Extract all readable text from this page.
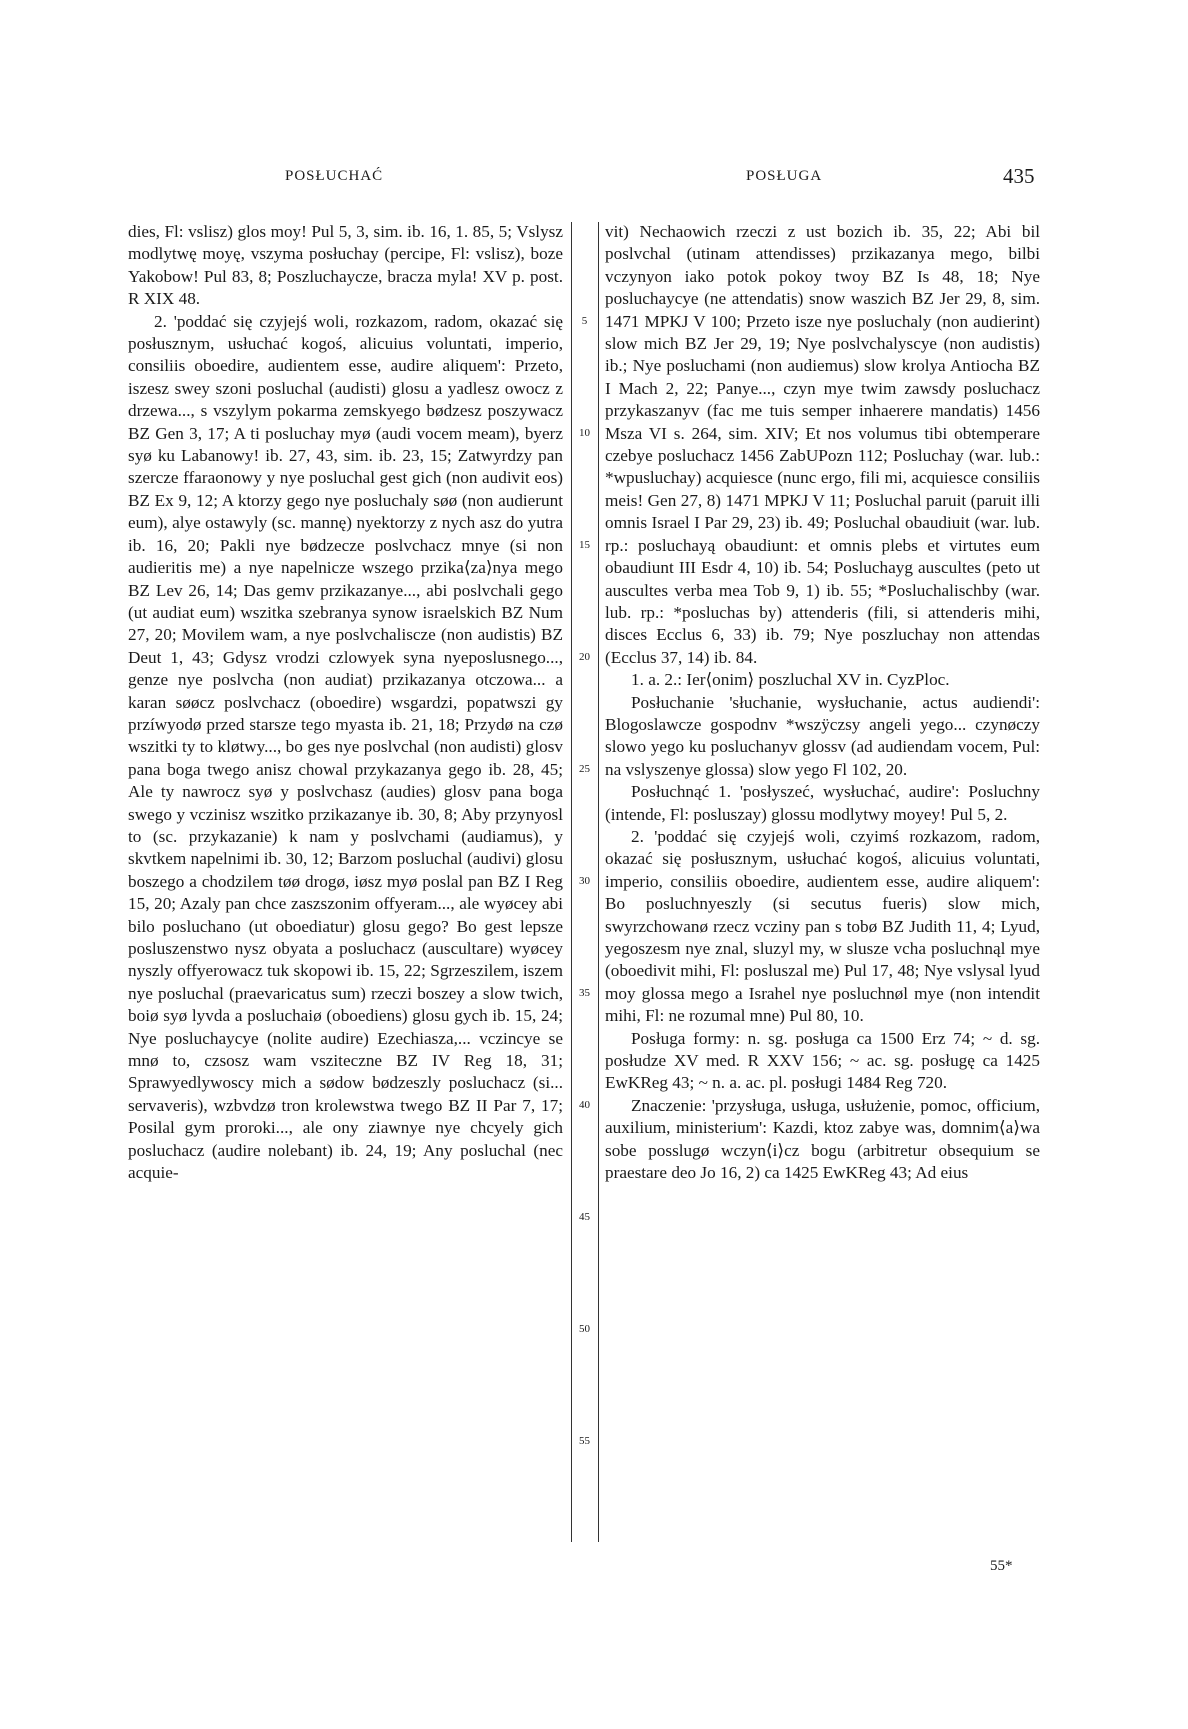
POSŁUCHAĆ	POSŁUGA	435

dies, Fl: vslisz) glos moy! Pul 5, 3, sim. ib. 16, 1. 85, 5; Vslysz modlytwę moyę, vszyma posłuchay (percipe, Fl: vslisz), boze Yakobow! Pul 83, 8; Poszluchaycze, bracza myla! XV p. post. R XIX 48.

2. 'poddać się czyjejś woli, rozkazom, radom, okazać się posłusznym, usłuchać kogoś, alicuius voluntati, imperio, consiliis oboedire, audientem esse, audire aliquem': Przeto, iszesz swey szoni posluchal (audisti) glosu a yadlesz owocz z drzewa..., s vszylym pokarma zemskyego bødzesz poszywacz BZ Gen 3, 17; A ti posluchay myø (audi vocem meam), byerz syø ku Labanowy! ib. 27, 43, sim. ib. 23, 15; Zatwyrdzy pan szercze ffaraonowy y nye posluchal gest gich (non audivit eos) BZ Ex 9, 12; A ktorzy gego nye posluchaly søø (non audierunt eum), alye ostawyly (sc. mannę) nyektorzy z nych asz do yutra ib. 16, 20; Pakli nye bødzecze poslvchacz mnye (si non audieritis me) a nye napelnicze wszego przika⟨za⟩nya mego BZ Lev 26, 14; Das gemv przikazanye..., abi poslvchali gego (ut audiat eum) wszitka szebranya synow israelskich BZ Num 27, 20; Movilem wam, a nye poslvchaliscze (non audistis) BZ Deut 1, 43; Gdysz vrodzi czlowyek syna nyeposlusnego..., genze nye poslvcha (non audiat) przikazanya otczowa... a karan søøcz poslvchacz (oboedire) wsgardzi, popatwszi gy przíwyodø przed starsze tego myasta ib. 21, 18; Przydø na czø wszitki ty to kløtwy..., bo ges nye poslvchal (non audisti) glosv pana boga twego anisz chowal przykazanya gego ib. 28, 45; Ale ty nawrocz syø y poslvchasz (audies) glosv pana boga swego y vczinisz wszitko przikazanye ib. 30, 8; Aby przynyosl to (sc. przykazanie) k nam y poslvchami (audiamus), y skvtkem napelnimi ib. 30, 12; Barzom posluchal (audivi) glosu boszego a chodzilem tøø drogø, iøsz myø poslal pan BZ I Reg 15, 20; Azaly pan chce zaszszonim offyeram..., ale wyøcey abi bilo posluchano (ut oboediatur) glosu gego? Bo gest lepsze posluszenstwo nysz obyata a posluchacz (auscultare) wyøcey nyszly offyerowacz tuk skopowi ib. 15, 22; Sgrzeszilem, iszem nye posluchal (praevaricatus sum) rzeczi boszey a slow twich, boiø syø lyvda a posluchaiø (oboediens) glosu gych ib. 15, 24; Nye posluchaycye (nolite audire) Ezechiasza,... vczincye se mnø to, czsosz wam vsziteczne BZ IV Reg 18, 31; Sprawyedlywoscy mich a sødow bødzeszly posluchacz (si... servaveris), wzbvdzø tron krolewstwa twego BZ II Par 7, 17; Posilal gym proroki..., ale ony ziawnye nye chcyely gich posluchacz (audire nolebant) ib. 24, 19; Any posluchal (nec acquie-

5
10
15
20
25
30
35
40
45
50
55

vit) Nechaowich rzeczi z ust bozich ib. 35, 22; Abi bil poslvchal (utinam attendisses) przikazanya mego, bilbi vczynyon iako potok pokoy twoy BZ Is 48, 18; Nye posluchaycye (ne attendatis) snow waszich BZ Jer 29, 8, sim. 1471 MPKJ V 100; Przeto isze nye posluchaly (non audierint) slow mich BZ Jer 29, 19; Nye poslvchalyscye (non audistis) ib.; Nye posluchami (non audiemus) slow krolya Antiocha BZ I Mach 2, 22; Panye..., czyn mye twim zawsdy posluchacz przykaszanyv (fac me tuis semper inhaerere mandatis) 1456 Msza VI s. 264, sim. XIV; Et nos volumus tibi obtemperare czebye posluchacz 1456 ZabUPozn 112; Posluchay (war. lub.: *wpusluchay) acquiesce (nunc ergo, fili mi, acquiesce consiliis meis! Gen 27, 8) 1471 MPKJ V 11; Posluchal paruit (paruit illi omnis Israel I Par 29, 23) ib. 49; Posluchal obaudiuit (war. lub. rp.: posluchayą obaudiunt: et omnis plebs et virtutes eum obaudiunt III Esdr 4, 10) ib. 54; Posluchayg auscultes (peto ut auscultes verba mea Tob 9, 1) ib. 55; *Posluchalischby (war. lub. rp.: *posluchas by) attenderis (fili, si attenderis mihi, disces Ecclus 6, 33) ib. 79; Nye poszluchay non attendas (Ecclus 37, 14) ib. 84.

1. a. 2.: Ier⟨onim⟩ poszluchal XV in. CyzPloc.

Posłuchanie 'słuchanie, wysłuchanie, actus audiendi': Blogoslawcze gospodnv *wszÿczsy angeli yego... czynøczy slowo yego ku posluchanyv glossv (ad audiendam vocem, Pul: na vslyszenye glossa) slow yego Fl 102, 20.

Posłuchnąć 1. 'posłyszeć, wysłuchać, audire': Posluchny (intende, Fl: posluszay) glossu modlytwy moyey! Pul 5, 2.

2. 'poddać się czyjejś woli, czyimś rozkazom, radom, okazać się posłusznym, usłuchać kogoś, alicuius voluntati, imperio, consiliis oboedire, audientem esse, audire aliquem': Bo posluchnyeszly (si secutus fueris) slow mich, swyrzchowanø rzecz vcziny pan s tobø BZ Judith 11, 4; Lyud, yegoszesm nye znal, sluzyl my, w slusze vcha posluchnąl mye (oboedivit mihi, Fl: posluszal me) Pul 17, 48; Nye vslysal lyud moy glossa mego a Israhel nye posluchnøl mye (non intendit mihi, Fl: ne rozumal mne) Pul 80, 10.

Posługa formy: n. sg. posługa ca 1500 Erz 74; ~ d. sg. posłudze XV med. R XXV 156; ~ ac. sg. posługę ca 1425 EwKReg 43; ~ n. a. ac. pl. posługi 1484 Reg 720.

Znaczenie: 'przysługa, usługa, usłużenie, pomoc, officium, auxilium, ministerium': Kazdi, ktoz zabye was, domnim⟨a⟩wa sobe posslugø wczyn⟨i⟩cz bogu (arbitretur obsequium se praestare deo Jo 16, 2) ca 1425 EwKReg 43; Ad eius

55*
